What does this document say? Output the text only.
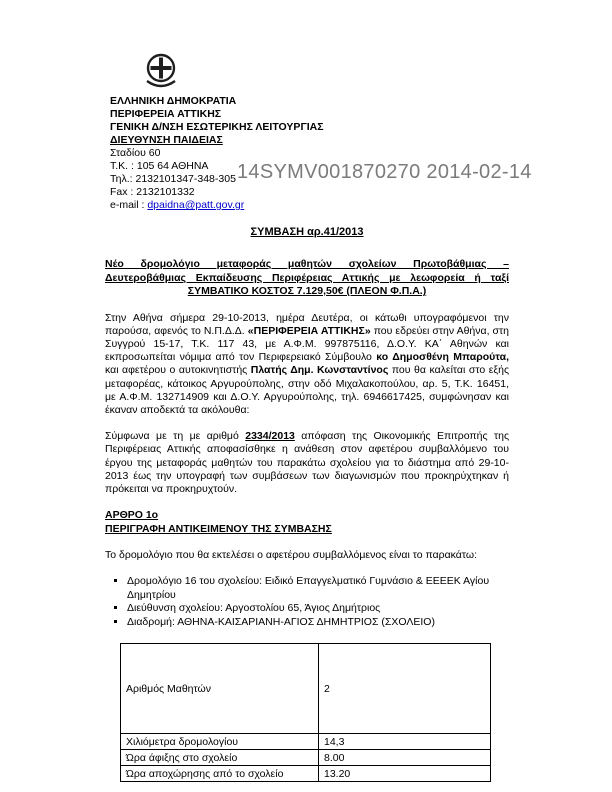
ΕΛΛΗΝΙΚΗ ΔΗΜΟΚΡΑΤΙΑ
ΠΕΡΙΦΕΡΕΙΑ ΑΤΤΙΚΗΣ
ΓΕΝΙΚΗ Δ/ΝΣΗ ΕΣΩΤΕΡΙΚΗΣ ΛΕΙΤΟΥΡΓΙΑΣ
ΔΙΕΥΘΥΝΣΗ ΠΑΙΔΕΙΑΣ
Σταδίου 60
Τ.Κ. : 105 64 ΑΘΗΝΑ
Τηλ.: 2132101347-348-305
Fax : 2132101332
e-mail : dpaidna@patt.gov.gr
14SYMV001870270 2014-02-14
ΣΥΜΒΑΣΗ αρ.41/2013
Νέο δρομολόγιο μεταφοράς μαθητών σχολείων Πρωτοβάθμιας –
Δευτεροβάθμιας Εκπαίδευσης Περιφέρειας Αττικής με λεωφορεία ή ταξί
ΣΥΜΒΑΤΙΚΟ ΚΟΣΤΟΣ 7.129,50€ (ΠΛΕΟΝ Φ.Π.Α.)
Στην Αθήνα σήμερα 29-10-2013, ημέρα Δευτέρα, οι κάτωθι υπογραφόμενοι την παρούσα, αφενός το Ν.Π.Δ.Δ. «ΠΕΡΙΦΕΡΕΙΑ ΑΤΤΙΚΗΣ» που εδρεύει στην Αθήνα, στη Συγγρού 15-17, Τ.Κ. 117 43, με Α.Φ.Μ. 997875116, Δ.Ο.Υ. ΚΑ΄ Αθηνών και εκπροσωπείται νόμιμα από τον Περιφερειακό Σύμβουλο κο Δημοσθένη Μπαρούτα, και αφετέρου ο αυτοκινητιστής Πλατής Δημ. Κωνσταντίνος που θα καλείται στο εξής μεταφορέας, κάτοικος Αργυρούπολης, στην οδό Μιχαλακοπούλου, αρ. 5, Τ.Κ. 16451, με Α.Φ.Μ. 132714909 και Δ.Ο.Υ. Αργυρούπολης, τηλ. 6946617425, συμφώνησαν και έκαναν αποδεκτά τα ακόλουθα:
Σύμφωνα με τη με αριθμό 2334/2013 απόφαση της Οικονομικής Επιτροπής της Περιφέρειας Αττικής αποφασίσθηκε η ανάθεση στον αφετέρου συμβαλλόμενο του έργου της μεταφοράς μαθητών του παρακάτω σχολείου για το διάστημα από 29-10-2013 έως την υπογραφή των συμβάσεων των διαγωνισμών που προκηρύχτηκαν ή πρόκειται να προκηρυχτούν.
ΑΡΘΡΟ 1ο
ΠΕΡΙΓΡΑΦΗ ΑΝΤΙΚΕΙΜΕΝΟΥ ΤΗΣ ΣΥΜΒΑΣΗΣ
Το δρομολόγιο που θα εκτελέσει ο αφετέρου συμβαλλόμενος είναι το παρακάτω:
▪ Δρομολόγιο 16 του σχολείου: Ειδικό Επαγγελματικό Γυμνάσιο & ΕΕΕΕΚ Αγίου Δημητρίου
▪ Διεύθυνση σχολείου: Αργοστολίου 65, Άγιος Δημήτριος
▪ Διαδρομή: ΑΘΗΝΑ-ΚΑΙΣΑΡΙΑΝΗ-ΑΓΙΟΣ ΔΗΜΗΤΡΙΟΣ (ΣΧΟΛΕΙΟ)
Αριθμός Μαθητών	2
Χιλιόμετρα δρομολογίου	14,3
Ώρα άφιξης στο σχολείο	8.00
Ώρα αποχώρησης από το σχολείο	13.20
